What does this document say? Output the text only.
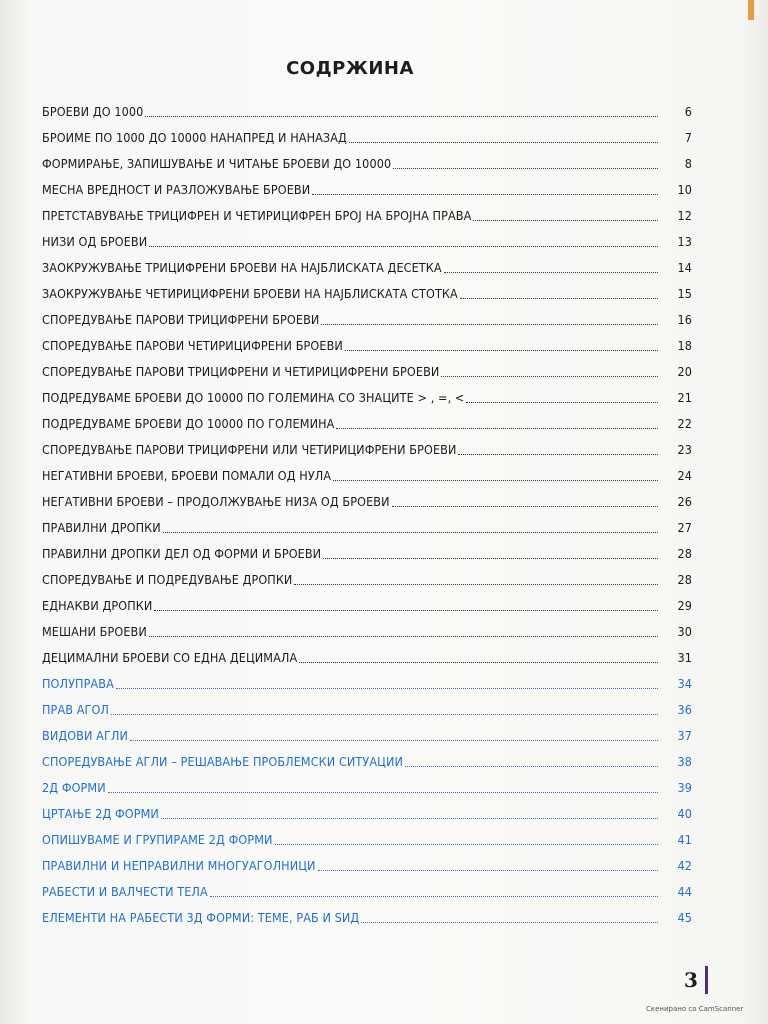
СОДРЖИНА
БРОЕВИ ДО 1000	6
БРОИМЕ ПО 1000 ДО 10000 НАНАПРЕД И НАНАЗАД	7
ФОРМИРАЊЕ, ЗАПИШУВАЊЕ И ЧИТАЊЕ БРОЕВИ ДО 10000	8
МЕСНА ВРЕДНОСТ И РАЗЛОЖУВАЊЕ БРОЕВИ	10
ПРЕТСТАВУВАЊЕ ТРИЦИФРЕН И ЧЕТИРИЦИФРЕН БРОЈ НА БРОЈНА ПРАВА	12
НИЗИ ОД БРОЕВИ	13
ЗАОКРУЖУВАЊЕ ТРИЦИФРЕНИ БРОЕВИ НА НАЈБЛИСКАТА ДЕСЕТКА	14
ЗАОКРУЖУВАЊЕ ЧЕТИРИЦИФРЕНИ БРОЕВИ НА НАЈБЛИСКАТА СТОТКА	15
СПОРЕДУВАЊЕ ПАРОВИ ТРИЦИФРЕНИ БРОЕВИ	16
СПОРЕДУВАЊЕ ПАРОВИ ЧЕТИРИЦИФРЕНИ БРОЕВИ	18
СПОРЕДУВАЊЕ ПАРОВИ ТРИЦИФРЕНИ И ЧЕТИРИЦИФРЕНИ БРОЕВИ	20
ПОДРЕДУВАМЕ БРОЕВИ ДО 10000 ПО ГОЛЕМИНА СО ЗНАЦИТЕ > , =, <	21
ПОДРЕДУВАМЕ БРОЕВИ ДО 10000 ПО ГОЛЕМИНА	22
СПОРЕДУВАЊЕ ПАРОВИ ТРИЦИФРЕНИ ИЛИ ЧЕТИРИЦИФРЕНИ БРОЕВИ	23
НЕГАТИВНИ БРОЕВИ, БРОЕВИ ПОМАЛИ ОД НУЛА	24
НЕГАТИВНИ БРОЕВИ – ПРОДОЛЖУВАЊЕ НИЗА ОД БРОЕВИ	26
ПРАВИЛНИ ДРОПКИ	27
ПРАВИЛНИ ДРОПКИ ДЕЛ ОД ФОРМИ И БРОЕВИ	28
СПОРЕДУВАЊЕ И ПОДРЕДУВАЊЕ ДРОПКИ	28
ЕДНАКВИ ДРОПКИ	29
МЕШАНИ БРОЕВИ	30
ДЕЦИМАЛНИ БРОЕВИ СО ЕДНА ДЕЦИМАЛА	31
ПОЛУПРАВА	34
ПРАВ АГОЛ	36
ВИДОВИ АГЛИ	37
СПОРЕДУВАЊЕ АГЛИ – РЕШАВАЊЕ ПРОБЛЕМСКИ СИТУАЦИИ	38
2Д ФОРМИ	39
ЦРТАЊЕ 2Д ФОРМИ	40
ОПИШУВАМЕ И ГРУПИРАМЕ 2Д ФОРМИ	41
ПРАВИЛНИ И НЕПРАВИЛНИ МНОГУАГОЛНИЦИ	42
РАБЕСТИ И ВАЛЧЕСТИ ТЕЛА	44
ЕЛЕМЕНТИ НА РАБЕСТИ 3Д ФОРМИ: ТЕМЕ, РАБ И ЅИД	45
3
Скенирано со CamScanner
